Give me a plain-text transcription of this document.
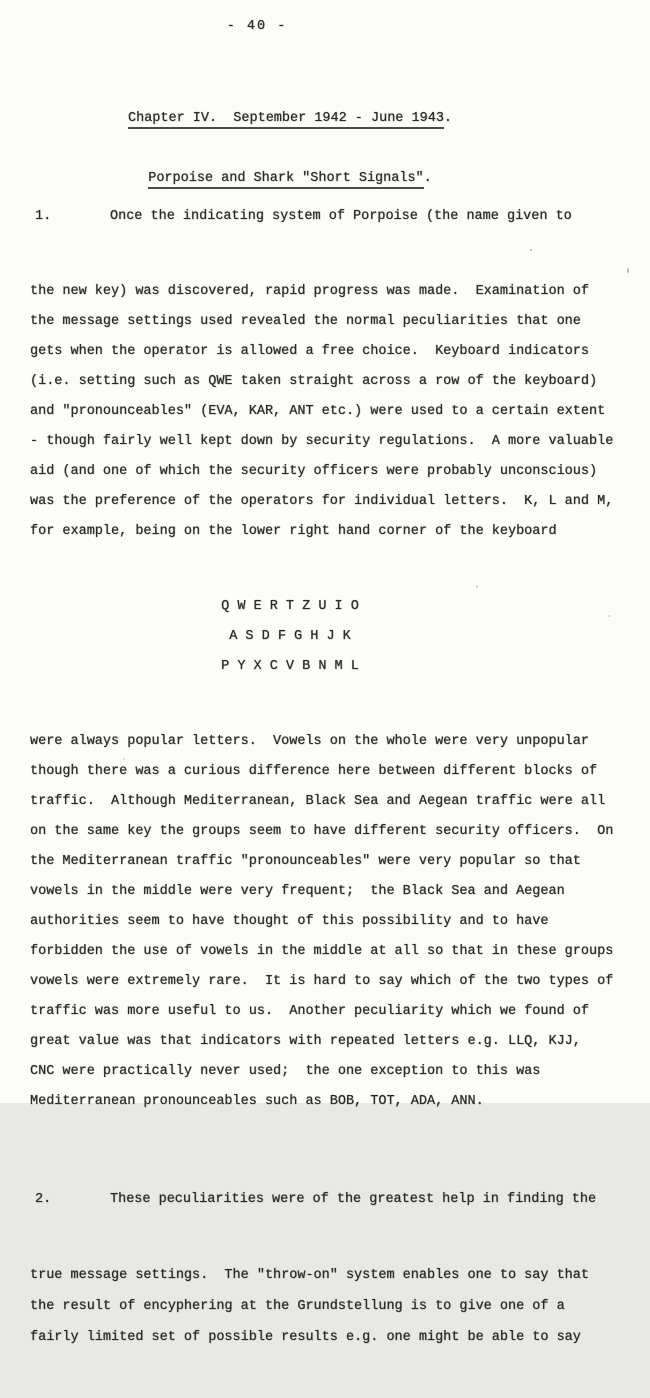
- 40 -

Chapter IV.  September 1942 - June 1943.

Porpoise and Shark "Short Signals".

1.	Once the indicating system of Porpoise (the name given to

the new key) was discovered, rapid progress was made.  Examination of
the message settings used revealed the normal peculiarities that one
gets when the operator is allowed a free choice.  Keyboard indicators
(i.e. setting such as QWE taken straight across a row of the keyboard)
and "pronounceables" (EVA, KAR, ANT etc.) were used to a certain extent
- though fairly well kept down by security regulations.  A more valuable
aid (and one of which the security officers were probably unconscious)
was the preference of the operators for individual letters.  K, L and M,
for example, being on the lower right hand corner of the keyboard

Q W E R T Z U I O
A S D F G H J K
P Y X C V B N M L

were always popular letters.  Vowels on the whole were very unpopular
though there was a curious difference here between different blocks of
traffic.  Although Mediterranean, Black Sea and Aegean traffic were all
on the same key the groups seem to have different security officers.  On
the Mediterranean traffic "pronounceables" were very popular so that
vowels in the middle were very frequent;  the Black Sea and Aegean
authorities seem to have thought of this possibility and to have
forbidden the use of vowels in the middle at all so that in these groups
vowels were extremely rare.  It is hard to say which of the two types of
traffic was more useful to us.  Another peculiarity which we found of
great value was that indicators with repeated letters e.g. LLQ, KJJ,
CNC were practically never used;  the one exception to this was
Mediterranean pronounceables such as BOB, TOT, ADA, ANN.

2.	These peculiarities were of the greatest help in finding the

true message settings.  The "throw-on" system enables one to say that
the result of encyphering at the Grundstellung is to give one of a
fairly limited set of possible results e.g. one might be able to say
